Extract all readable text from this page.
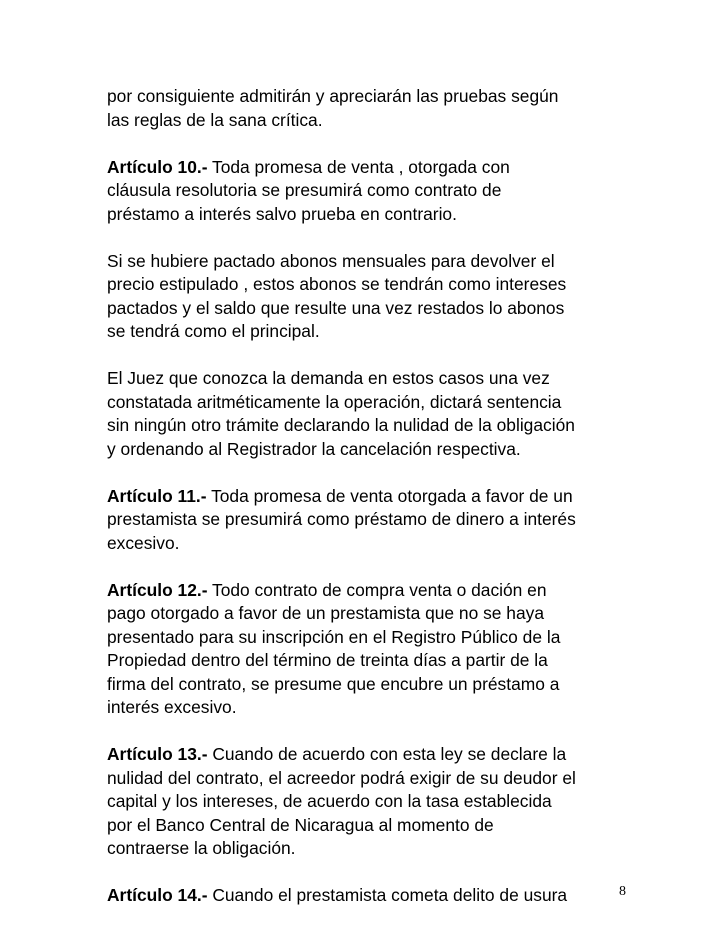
por consiguiente admitirán y apreciarán las pruebas según
las reglas de la sana crítica.
Artículo 10.- Toda promesa de venta , otorgada con
cláusula resolutoria se presumirá como contrato de
préstamo a interés salvo prueba en contrario.
Si se hubiere pactado abonos mensuales para devolver el
precio estipulado , estos abonos se tendrán como intereses
pactados y el saldo que resulte una vez restados lo abonos
se tendrá como el principal.
El Juez que conozca la demanda en estos casos una vez
constatada aritméticamente la operación, dictará sentencia
sin ningún otro trámite declarando la nulidad de la obligación
y ordenando al Registrador la cancelación respectiva.
Artículo 11.- Toda promesa de venta otorgada a favor de un
prestamista se presumirá como préstamo de dinero a interés
excesivo.
Artículo 12.- Todo contrato de compra venta o dación en
pago otorgado a favor de un prestamista que no se haya
presentado para su inscripción en el Registro Público de la
Propiedad dentro del término de treinta días a partir de la
firma del contrato, se presume que encubre un préstamo a
interés excesivo.
Artículo 13.- Cuando de acuerdo con esta ley se declare la
nulidad del contrato, el acreedor podrá exigir de su deudor el
capital y los intereses, de acuerdo con la tasa establecida
por el Banco Central de Nicaragua al momento de
contraerse la obligación.
Artículo 14.- Cuando el prestamista cometa delito de usura	8
